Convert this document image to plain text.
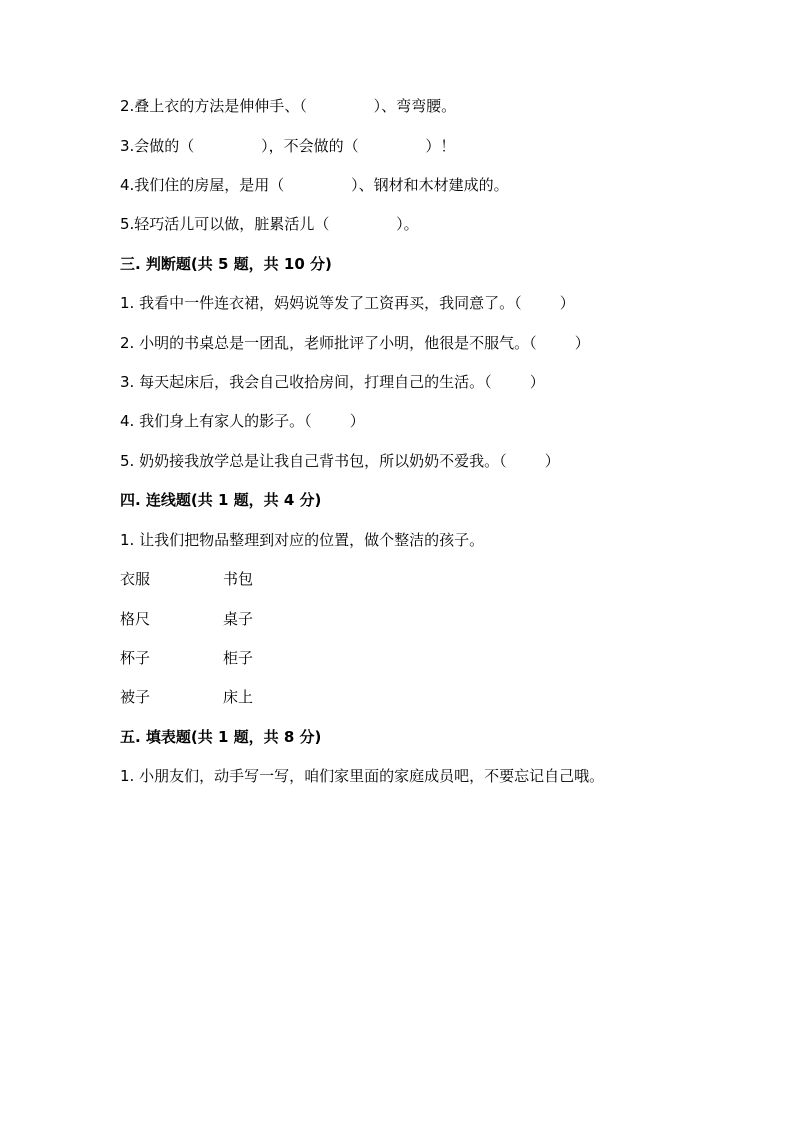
2.叠上衣的方法是伸伸手、（              ）、弯弯腰。
3.会做的（              ），不会做的（              ）！
4.我们住的房屋，是用（              ）、钢材和木材建成的。
5.轻巧活儿可以做，脏累活儿（              ）。
三. 判断题(共 5 题，共 10 分)
1. 我看中一件连衣裙，妈妈说等发了工资再买，我同意了。（        ）
2. 小明的书桌总是一团乱，老师批评了小明，他很是不服气。（        ）
3. 每天起床后，我会自己收拾房间，打理自己的生活。（        ）
4. 我们身上有家人的影子。（        ）
5. 奶奶接我放学总是让我自己背书包，所以奶奶不爱我。（        ）
四. 连线题(共 1 题，共 4 分)
1. 让我们把物品整理到对应的位置，做个整洁的孩子。
衣服	书包
格尺	桌子
杯子	柜子
被子	床上
五. 填表题(共 1 题，共 8 分)
1. 小朋友们，动手写一写，咱们家里面的家庭成员吧，不要忘记自己哦。
